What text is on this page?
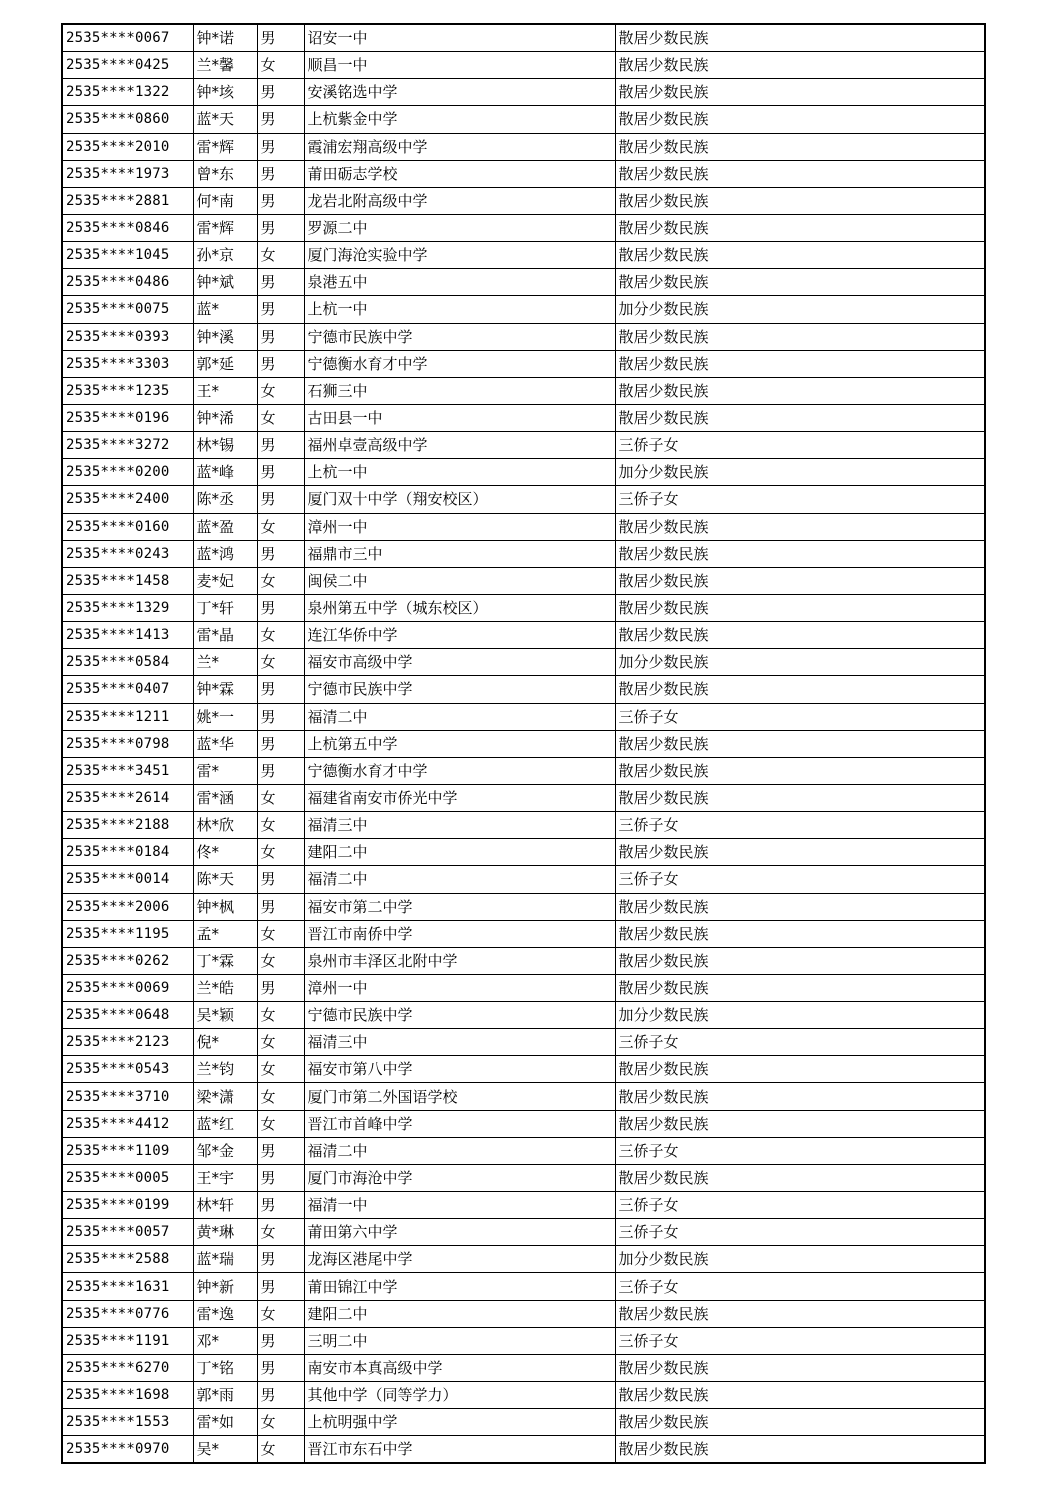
2535****0067	钟*诺	男	诏安一中	散居少数民族
2535****0425	兰*馨	女	顺昌一中	散居少数民族
2535****1322	钟*垓	男	安溪铭选中学	散居少数民族
2535****0860	蓝*天	男	上杭紫金中学	散居少数民族
2535****2010	雷*辉	男	霞浦宏翔高级中学	散居少数民族
2535****1973	曾*东	男	莆田砺志学校	散居少数民族
2535****2881	何*南	男	龙岩北附高级中学	散居少数民族
2535****0846	雷*辉	男	罗源二中	散居少数民族
2535****1045	孙*京	女	厦门海沧实验中学	散居少数民族
2535****0486	钟*斌	男	泉港五中	散居少数民族
2535****0075	蓝*	男	上杭一中	加分少数民族
2535****0393	钟*溪	男	宁德市民族中学	散居少数民族
2535****3303	郭*延	男	宁德衡水育才中学	散居少数民族
2535****1235	王*	女	石狮三中	散居少数民族
2535****0196	钟*浠	女	古田县一中	散居少数民族
2535****3272	林*锡	男	福州卓壹高级中学	三侨子女
2535****0200	蓝*峰	男	上杭一中	加分少数民族
2535****2400	陈*丞	男	厦门双十中学（翔安校区）	三侨子女
2535****0160	蓝*盈	女	漳州一中	散居少数民族
2535****0243	蓝*鸿	男	福鼎市三中	散居少数民族
2535****1458	麦*妃	女	闽侯二中	散居少数民族
2535****1329	丁*轩	男	泉州第五中学（城东校区）	散居少数民族
2535****1413	雷*晶	女	连江华侨中学	散居少数民族
2535****0584	兰*	女	福安市高级中学	加分少数民族
2535****0407	钟*霖	男	宁德市民族中学	散居少数民族
2535****1211	姚*一	男	福清二中	三侨子女
2535****0798	蓝*华	男	上杭第五中学	散居少数民族
2535****3451	雷*	男	宁德衡水育才中学	散居少数民族
2535****2614	雷*涵	女	福建省南安市侨光中学	散居少数民族
2535****2188	林*欣	女	福清三中	三侨子女
2535****0184	佟*	女	建阳二中	散居少数民族
2535****0014	陈*天	男	福清二中	三侨子女
2535****2006	钟*枫	男	福安市第二中学	散居少数民族
2535****1195	孟*	女	晋江市南侨中学	散居少数民族
2535****0262	丁*霖	女	泉州市丰泽区北附中学	散居少数民族
2535****0069	兰*皓	男	漳州一中	散居少数民族
2535****0648	吴*颖	女	宁德市民族中学	加分少数民族
2535****2123	倪*	女	福清三中	三侨子女
2535****0543	兰*钧	女	福安市第八中学	散居少数民族
2535****3710	梁*潇	女	厦门市第二外国语学校	散居少数民族
2535****4412	蓝*红	女	晋江市首峰中学	散居少数民族
2535****1109	邹*金	男	福清二中	三侨子女
2535****0005	王*宇	男	厦门市海沧中学	散居少数民族
2535****0199	林*轩	男	福清一中	三侨子女
2535****0057	黄*琳	女	莆田第六中学	三侨子女
2535****2588	蓝*瑞	男	龙海区港尾中学	加分少数民族
2535****1631	钟*新	男	莆田锦江中学	三侨子女
2535****0776	雷*逸	女	建阳二中	散居少数民族
2535****1191	邓*	男	三明二中	三侨子女
2535****6270	丁*铭	男	南安市本真高级中学	散居少数民族
2535****1698	郭*雨	男	其他中学（同等学力）	散居少数民族
2535****1553	雷*如	女	上杭明强中学	散居少数民族
2535****0970	吴*	女	晋江市东石中学	散居少数民族
